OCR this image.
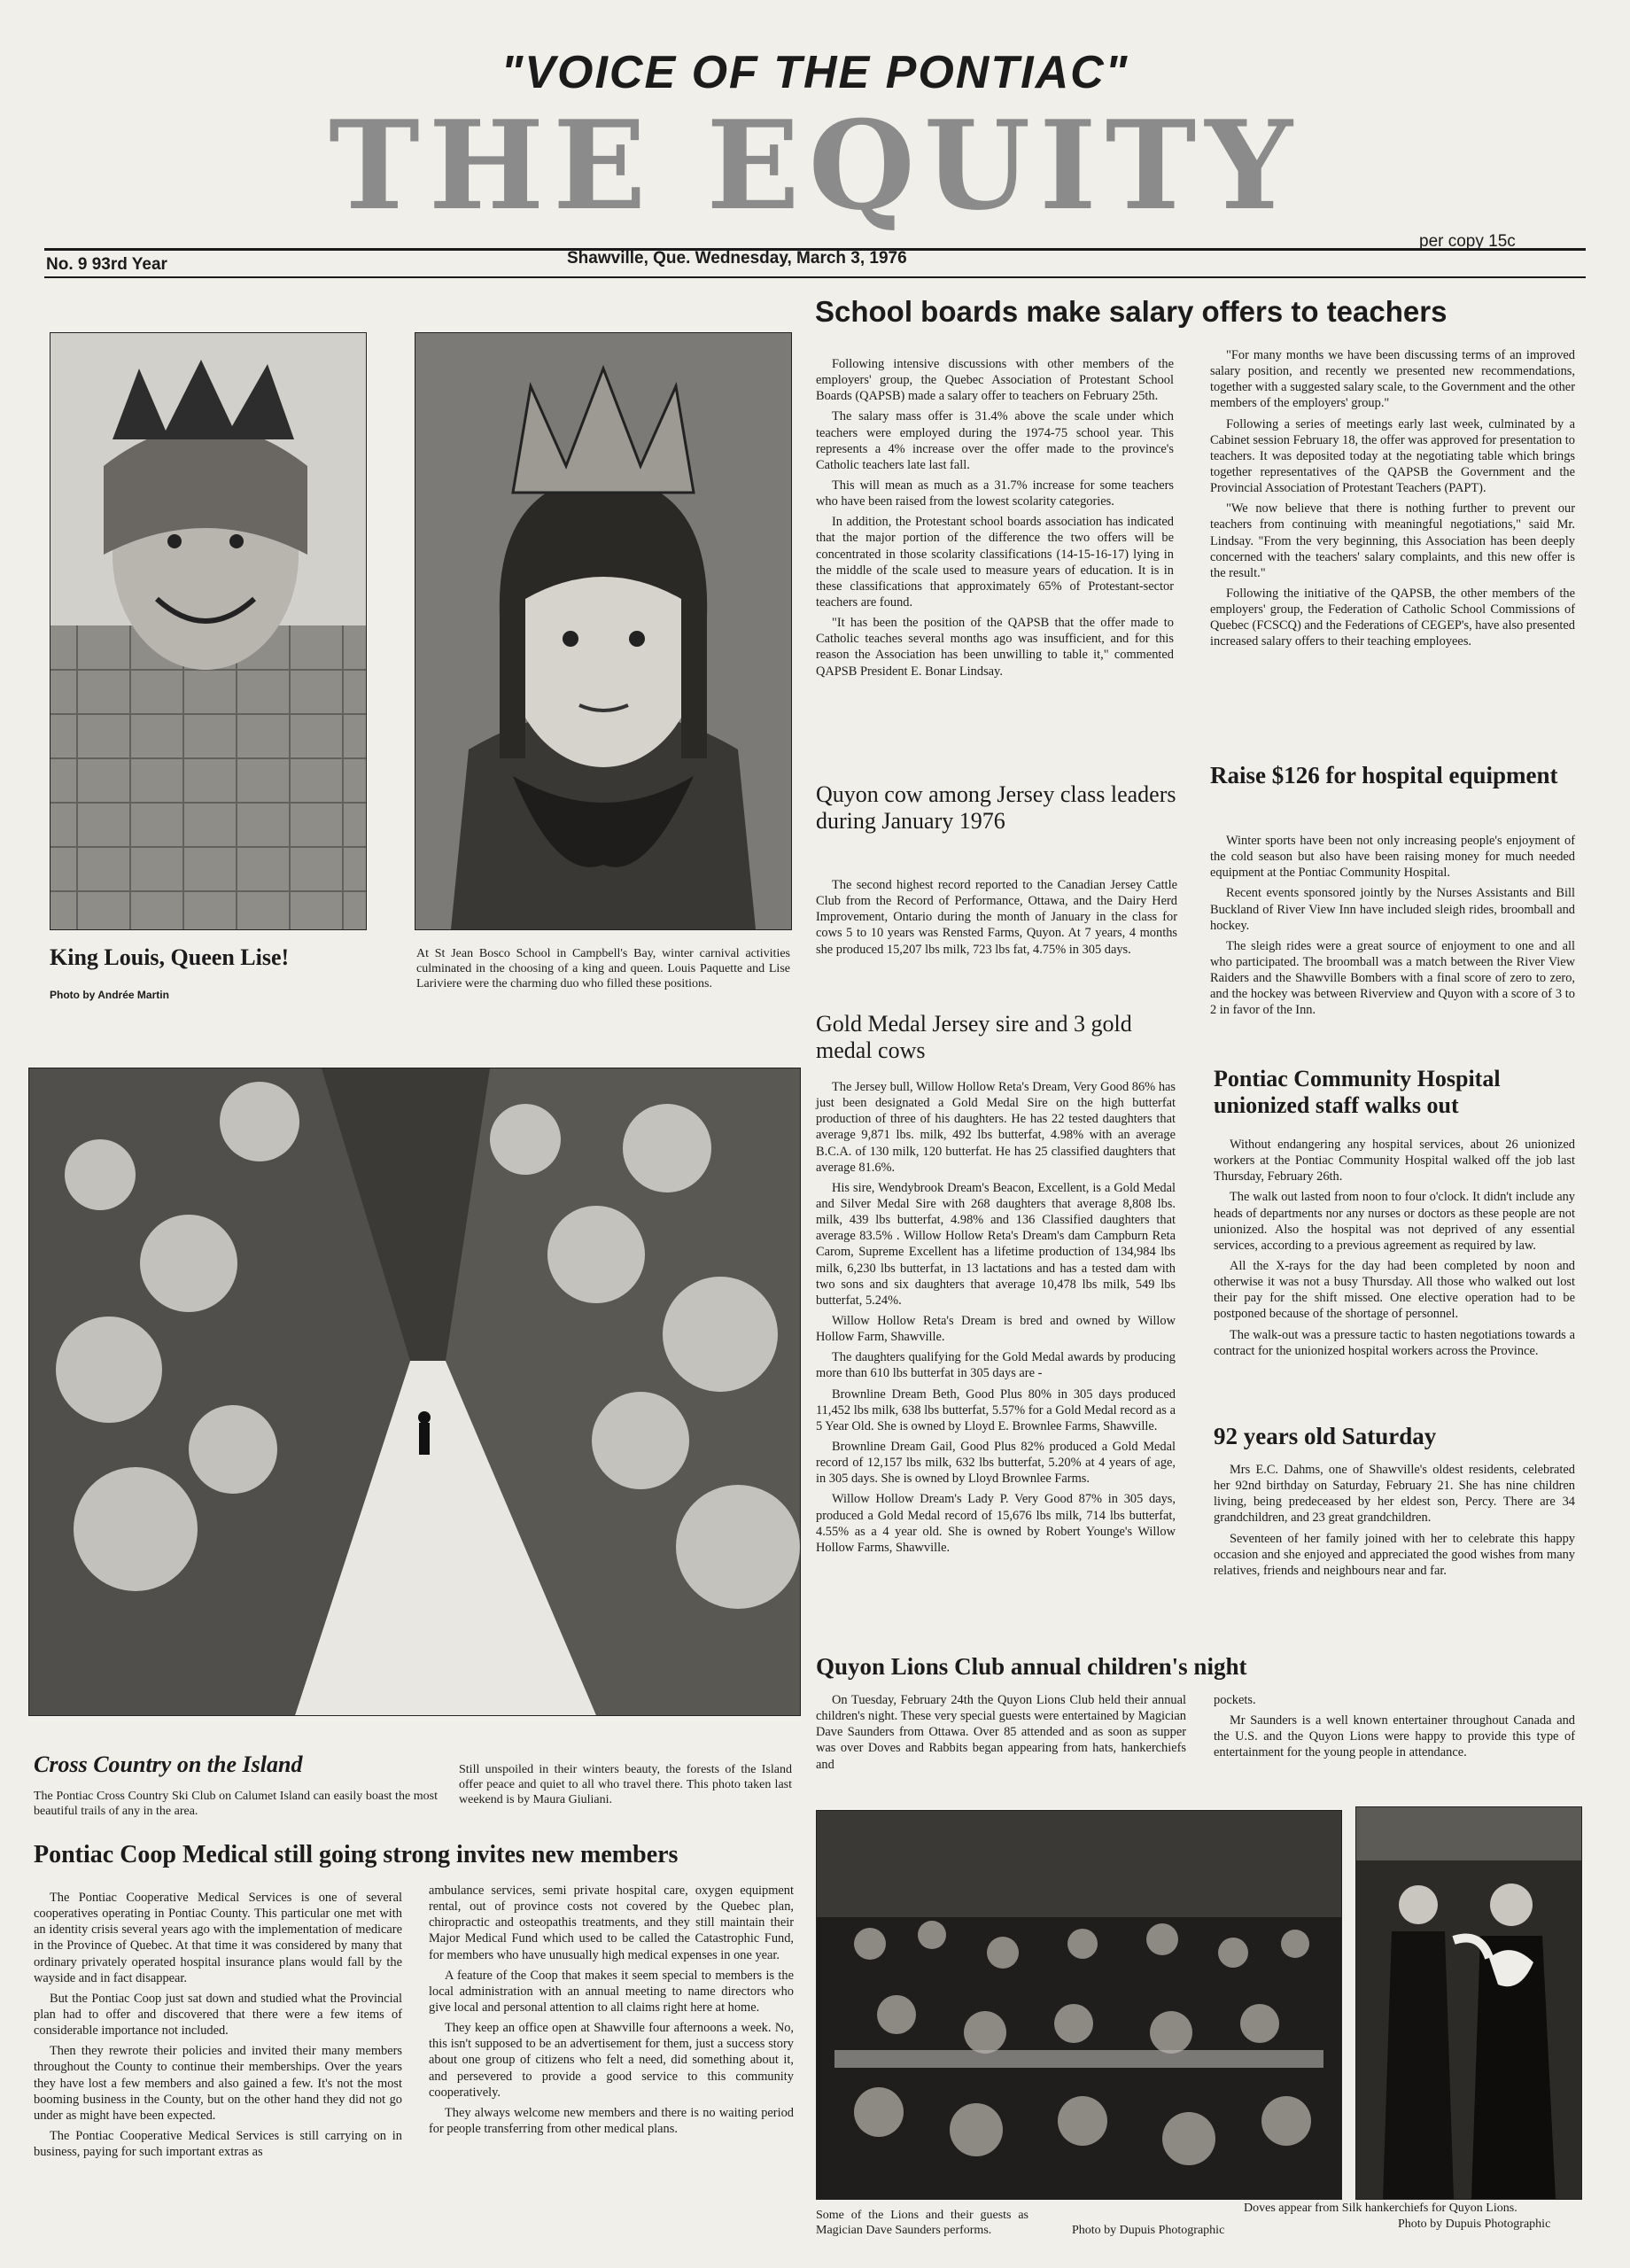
"VOICE OF THE PONTIAC"
THE EQUITY
No. 9 93rd Year	Shawville, Que. Wednesday, March 3, 1976
per copy 15c
King Louis, Queen Lise!
Photo by Andrée Martin
At St Jean Bosco School in Campbell's Bay, winter carnival activities culminated in the choosing of a king and queen. Louis Paquette and Lise Lariviere were the charming duo who filled these positions.
School boards make salary offers to teachers

Following intensive discussions with other members of the employers' group, the Quebec Association of Protestant School Boards (QAPSB) made a salary offer to teachers on February 25th.

The salary mass offer is 31.4% above the scale under which teachers were employed during the 1974-75 school year. This represents a 4% increase over the offer made to the province's Catholic teachers late last fall.

This will mean as much as a 31.7% increase for some teachers who have been raised from the lowest scolarity categories.

In addition, the Protestant school boards association has indicated that the major portion of the difference the two offers will be concentrated in those scolarity classifications (14-15-16-17) lying in the middle of the scale used to measure years of education. It is in these classifications that approximately 65% of Protestant-sector teachers are found.

"It has been the position of the QAPSB that the offer made to Catholic teaches several months ago was insufficient, and for this reason the Association has been unwilling to table it," commented QAPSB President E. Bonar Lindsay.

"For many months we have been discussing terms of an improved salary position, and recently we presented new recommendations, together with a suggested salary scale, to the Government and the other members of the employers' group."

Following a series of meetings early last week, culminated by a Cabinet session February 18, the offer was approved for presentation to teachers. It was deposited today at the negotiating table which brings together representatives of the QAPSB the Government and the Provincial Association of Protestant Teachers (PAPT).

"We now believe that there is nothing further to prevent our teachers from continuing with meaningful negotiations," said Mr. Lindsay. "From the very beginning, this Association has been deeply concerned with the teachers' salary complaints, and this new offer is the result."

Following the initiative of the QAPSB, the other members of the employers' group, the Federation of Catholic School Commissions of Quebec (FCSCQ) and the Federations of CEGEP's, have also presented increased salary offers to their teaching employees.

Quyon cow among Jersey class leaders during January 1976

The second highest record reported to the Canadian Jersey Cattle Club from the Record of Performance, Ottawa, and the Dairy Herd Improvement, Ontario during the month of January in the class for cows 5 to 10 years was Rensted Farms, Quyon. At 7 years, 4 months she produced 15,207 lbs milk, 723 lbs fat, 4.75% in 305 days.

Gold Medal Jersey sire and 3 gold medal cows

The Jersey bull, Willow Hollow Reta's Dream, Very Good 86% has just been designated a Gold Medal Sire on the high butterfat production of three of his daughters. He has 22 tested daughters that average 9,871 lbs. milk, 492 lbs butterfat, 4.98% with an average B.C.A. of 130 milk, 120 butterfat. He has 25 classified daughters that average 81.6%.

His sire, Wendybrook Dream's Beacon, Excellent, is a Gold Medal and Silver Medal Sire with 268 daughters that average 8,808 lbs. milk, 439 lbs butterfat, 4.98% and 136 Classified daughters that average 83.5% . Willow Hollow Reta's Dream's dam Campburn Reta Carom, Supreme Excellent has a lifetime production of 134,984 lbs milk, 6,230 lbs butterfat, in 13 lactations and has a tested dam with two sons and six daughters that average 10,478 lbs milk, 549 lbs butterfat, 5.24%.

Willow Hollow Reta's Dream is bred and owned by Willow Hollow Farm, Shawville.

The daughters qualifying for the Gold Medal awards by producing more than 610 lbs butterfat in 305 days are -

Brownline Dream Beth, Good Plus 80% in 305 days produced 11,452 lbs milk, 638 lbs butterfat, 5.57% for a Gold Medal record as a 5 Year Old. She is owned by Lloyd E. Brownlee Farms, Shawville.

Brownline Dream Gail, Good Plus 82% produced a Gold Medal record of 12,157 lbs milk, 632 lbs butterfat, 5.20% at 4 years of age, in 305 days. She is owned by Lloyd Brownlee Farms.

Willow Hollow Dream's Lady P. Very Good 87% in 305 days, produced a Gold Medal record of 15,676 lbs milk, 714 lbs butterfat, 4.55% as a 4 year old. She is owned by Robert Younge's Willow Hollow Farms, Shawville.

Raise $126 for hospital equipment

Winter sports have been not only increasing people's enjoyment of the cold season but also have been raising money for much needed equipment at the Pontiac Community Hospital.

Recent events sponsored jointly by the Nurses Assistants and Bill Buckland of River View Inn have included sleigh rides, broomball and hockey.

The sleigh rides were a great source of enjoyment to one and all who participated. The broomball was a match between the River View Raiders and the Shawville Bombers with a final score of zero to zero, and the hockey was between Riverview and Quyon with a score of 3 to 2 in favor of the Inn.

Pontiac Community Hospital unionized staff walks out

Without endangering any hospital services, about 26 unionized workers at the Pontiac Community Hospital walked off the job last Thursday, February 26th.

The walk out lasted from noon to four o'clock. It didn't include any heads of departments nor any nurses or doctors as these people are not unionized. Also the hospital was not deprived of any essential services, according to a previous agreement as required by law.

All the X-rays for the day had been completed by noon and otherwise it was not a busy Thursday. All those who walked out lost their pay for the shift missed. One elective operation had to be postponed because of the shortage of personnel.

The walk-out was a pressure tactic to hasten negotiations towards a contract for the unionized hospital workers across the Province.

92 years old Saturday

Mrs E.C. Dahms, one of Shawville's oldest residents, celebrated her 92nd birthday on Saturday, February 21. She has nine children living, being predeceased by her eldest son, Percy. There are 34 grandchildren, and 23 great grandchildren.

Seventeen of her family joined with her to celebrate this happy occasion and she enjoyed and appreciated the good wishes from many relatives, friends and neighbours near and far.

Cross Country on the Island
The Pontiac Cross Country Ski Club on Calumet Island can easily boast the most beautiful trails of any in the area.
Still unspoiled in their winters beauty, the forests of the Island offer peace and quiet to all who travel there. This photo taken last weekend is by Maura Giuliani.
Quyon Lions Club annual children's night

On Tuesday, February 24th the Quyon Lions Club held their annual children's night. These very special guests were entertained by Magician Dave Saunders from Ottawa. Over 85 attended and as soon as supper was over Doves and Rabbits began appearing from hats, hankerchiefs and

pockets.

Mr Saunders is a well known entertainer throughout Canada and the U.S. and the Quyon Lions were happy to provide this type of entertainment for the young people in attendance.

Pontiac Coop Medical still going strong invites new members

The Pontiac Cooperative Medical Services is one of several cooperatives operating in Pontiac County. This particular one met with an identity crisis several years ago with the implementation of medicare in the Province of Quebec. At that time it was considered by many that ordinary privately operated hospital insurance plans would fall by the wayside and in fact disappear.

But the Pontiac Coop just sat down and studied what the Provincial plan had to offer and discovered that there were a few items of considerable importance not included.

Then they rewrote their policies and invited their many members throughout the County to continue their memberships. Over the years they have lost a few members and also gained a few. It's not the most booming business in the County, but on the other hand they did not go under as might have been expected.

The Pontiac Cooperative Medical Services is still carrying on in business, paying for such important extras as

ambulance services, semi private hospital care, oxygen equipment rental, out of province costs not covered by the Quebec plan, chiropractic and osteopathis treatments, and they still maintain their Major Medical Fund which used to be called the Catastrophic Fund, for members who have unusually high medical expenses in one year.

A feature of the Coop that makes it seem special to members is the local administration with an annual meeting to name directors who give local and personal attention to all claims right here at home.

They keep an office open at Shawville four afternoons a week. No, this isn't supposed to be an advertisement for them, just a success story about one group of citizens who felt a need, did something about it, and persevered to provide a good service to this community cooperatively.

They always welcome new members and there is no waiting period for people transferring from other medical plans.

Some of the Lions and their guests as Magician Dave Saunders performs.	Photo by Dupuis Photographic
Doves appear from Silk hankerchiefs for Quyon Lions.
Photo by Dupuis Photographic
